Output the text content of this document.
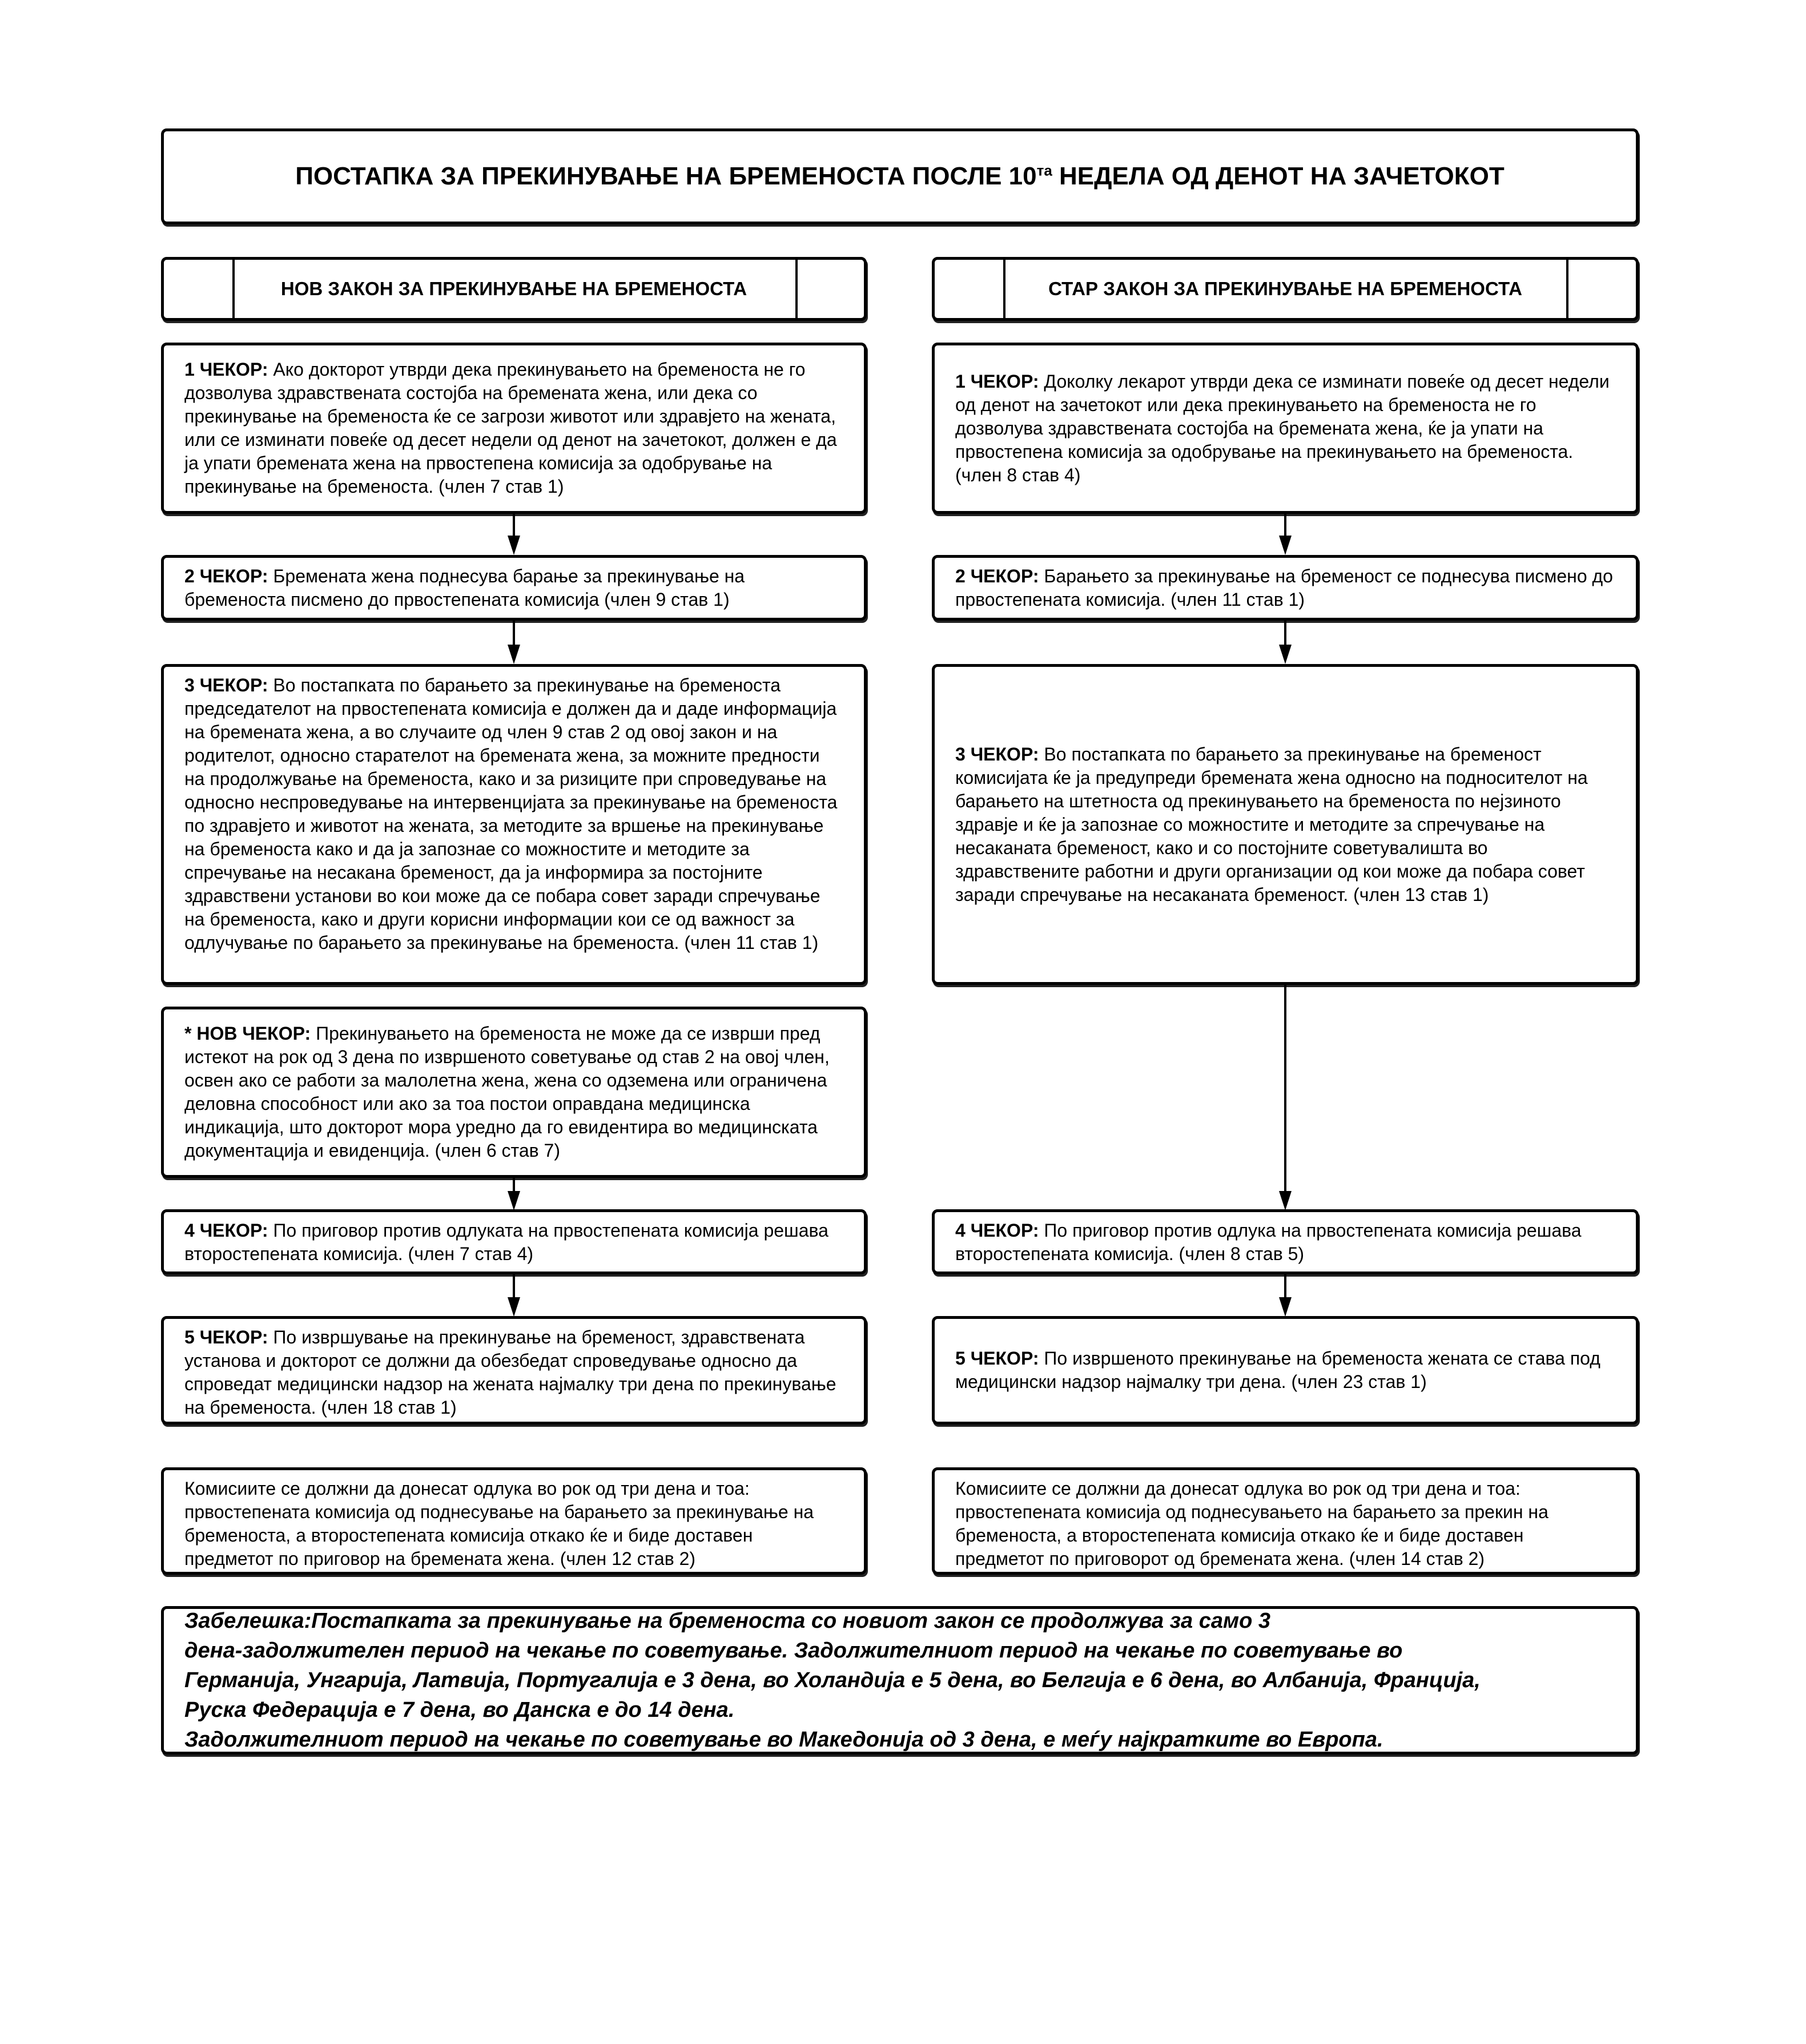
ПОСТАПКА ЗА ПРЕКИНУВАЊЕ НА БРЕМЕНОСТА ПОСЛЕ $10^{та}$ НЕДЕЛА ОД ДЕНОТ НА ЗАЧЕТОКОТ
НОВ ЗАКОН ЗА ПРЕКИНУВАЊЕ НА БРЕМЕНОСТА	СТАР ЗАКОН ЗА ПРЕКИНУВАЊЕ НА БРЕМЕНОСТА
1 ЧЕКОР: Ако докторот утврди дека прекинувањето на бременоста не го дозволува здравствената состојба на бремената жена, или дека со прекинување на бременоста ќе се загрози животот или здравјето на жената, или се изминати повеќе од десет недели од денот на зачетокот, должен е да ја упати бремената жена на првостепена комисија за одобрување на прекинување на бременоста. (член 7 став 1)
2 ЧЕКОР: Бремената жена поднесува барање за прекинување на бременоста писмено до првостепената комисија (член 9 став 1)
3 ЧЕКОР: Во постапката по барањето за прекинување на бременоста председателот на првостепената комисија е должен да и даде информација на бремената жена, а во случаите од член 9 став 2 од овој закон и на родителот, односно старателот на бремената жена, за можните предности на продолжување на бременоста, како и за ризиците при спроведување на односно неспроведување на интервенцијата за прекинување на бременоста по здравјето и животот на жената, за методите за вршење на прекинување на бременоста како и да ја запознае со можностите и методите за спречување на несакана бременост, да ја информира за постојните здравствени установи во кои може да се побара совет заради спречување на бременоста, како и други корисни информации кои се од важност за одлучување по барањето за прекинување на бременоста. (член 11 став 1)
* НОВ ЧЕКОР: Прекинувањето на бременоста не може да се изврши пред истекот на рок од 3 дена по извршеното советување од став 2 на овој член, освен ако се работи за малолетна жена, жена со одземена или ограничена деловна способност или ако за тоа постои оправдана медицинска индикација, што докторот мора уредно да го евидентира во медицинската документација и евиденција. (член 6 став 7)
4 ЧЕКОР: По приговор против одлуката на првостепената комисија решава второстепената комисија. (член 7 став 4)
5 ЧЕКОР: По извршување на прекинување на бременост, здравствената установа и докторот се должни да обезбедат спроведување односно да спроведат медицински надзор на жената најмалку три дена по прекинување на бременоста. (член 18 став 1)
Комисиите се должни да донесат одлука во рок од три дена и тоа: првостепената комисија од поднесување на барањето за прекинување на бременоста, а второстепената комисија откако ќе и биде доставен предметот по приговор на бремената жена. (член 12 став 2)
1 ЧЕКОР: Доколку лекарот утврди дека се изминати повеќе од десет недели од денот на зачетокот или дека прекинувањето на бременоста не го дозволува здравствената состојба на бремената жена, ќе ја упати на првостепена комисија за одобрување на прекинувањето на бременоста. (член 8 став 4)
2 ЧЕКОР: Барањето за прекинување на бременост се поднесува писмено до првостепената комисија. (член 11 став 1)
3 ЧЕКОР: Во постапката по барањето за прекинување на бременост комисијата ќе ја предупреди бремената жена односно на подносителот на барањето на штетноста од прекинувањето на бременоста по нејзиното здравје и ќе ја запознае со можностите и методите за спречување на несаканата бременост, како и со постојните советувалишта во здравствените работни и други организации од кои може да побара совет заради спречување на несаканата бременост. (член 13 став 1)
4 ЧЕКОР: По приговор против одлука на првостепената комисија решава второстепената комисија. (член 8 став 5)
5 ЧЕКОР: По извршеното прекинување на бременоста жената се става под медицински надзор најмалку три дена. (член 23 став 1)
Комисиите се должни да донесат одлука во рок од три дена и тоа: првостепената комисија од поднесувањето на барањето за прекин на бременоста, а второстепената комисија откако ќе и биде доставен предметот по приговорот од бремената жена. (член 14 став 2)
Забелешка:Постапката за прекинување на бременоста со новиот закон се продолжува за само 3
дена-задолжителен период на чекање по советување. Задолжителниот период на чекање по советување во
Германија, Унгарија, Латвија, Португалија е 3 дена, во Холандија е 5 дена, во Белгија е 6 дена, во Албанија, Франција,
Руска Федерација е 7 дена, во Данска е до 14 дена.
Задолжителниот период на чекање по советување во Македонија од 3 дена, е меѓу најкратките во Европа.
